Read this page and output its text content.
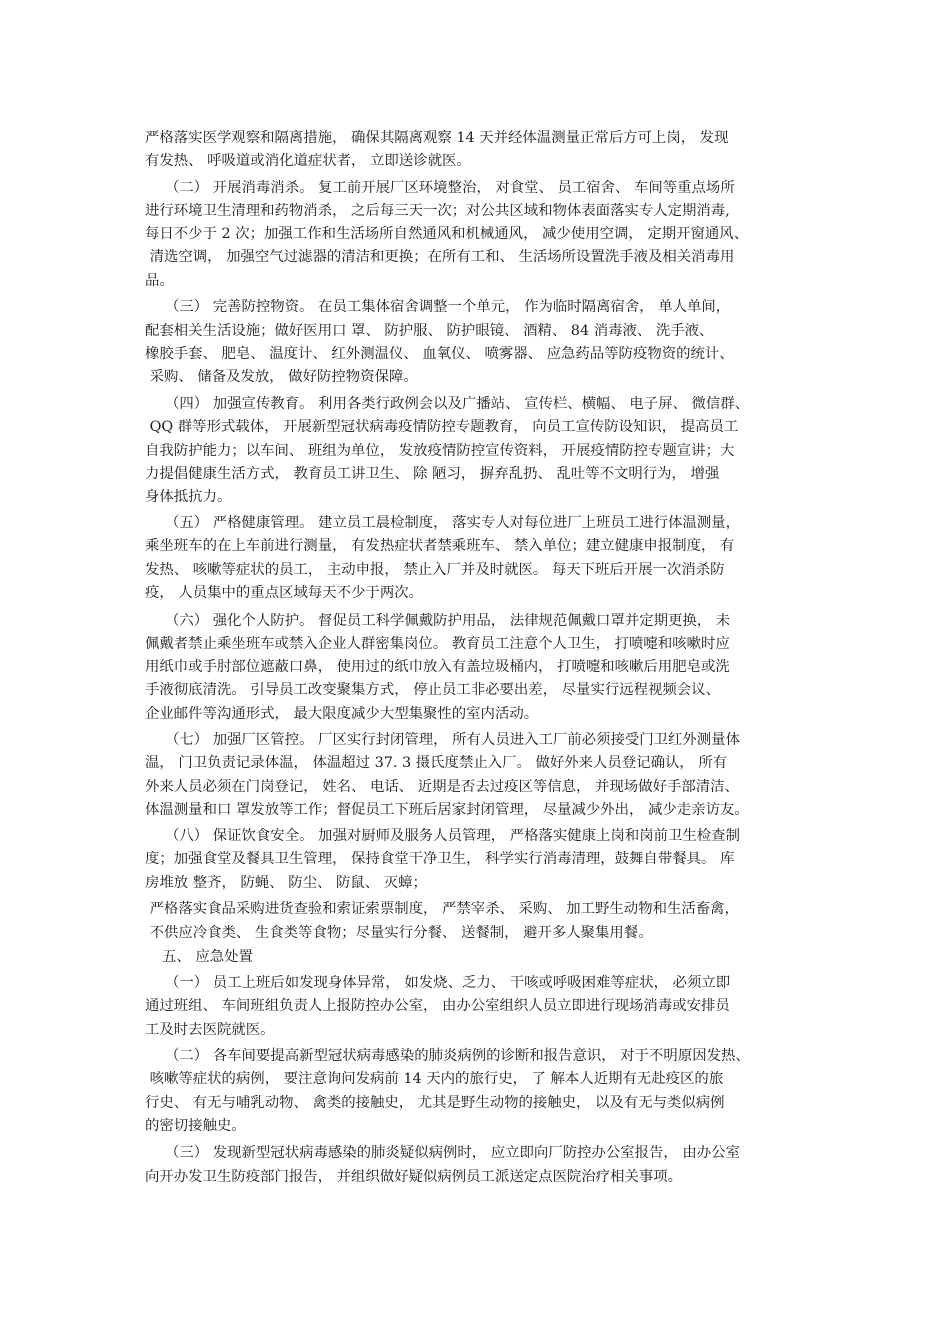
严格落实医学观察和隔离措施， 确保其隔离观察 14 天并经体温测量正常后方可上岗， 发现
有发热、 呼吸道或消化道症状者， 立即送诊就医。
（二） 开展消毒消杀。 复工前开展厂区环境整治， 对食堂、 员工宿舍、 车间等重点场所
进行环境卫生清理和药物消杀， 之后每三天一次；对公共区域和物体表面落实专人定期消毒,
每日不少于 2 次；加强工作和生活场所自然通风和机械通风， 减少使用空调， 定期开窗通风、
清选空调， 加强空气过滤器的清洁和更换；在所有工和、 生活场所设置洗手液及相关消毒用
品。
（三） 完善防控物资。 在员工集体宿舍调整一个单元， 作为临时隔离宿舍， 单人单间，
配套相关生活设施；做好医用口 罩、 防护服、 防护眼镜、 酒精、 84 消毒液、 洗手液、
橡胶手套、 肥皂、 温度计、 红外测温仪、 血氧仪、 喷雾器、 应急药品等防疫物资的统计、
采购、 储备及发放， 做好防控物资保障。
（四） 加强宣传教育。 利用各类行政例会以及广播站、 宣传栏、横幅、 电子屏、 微信群、
QQ 群等形式载体， 开展新型冠状病毒疫情防控专题教育， 向员工宣传防设知识， 提高员工
自我防护能力；以车间、 班组为单位， 发放疫情防控宣传资料， 开展疫情防控专题宣讲；大
力提倡健康生活方式， 教育员工讲卫生、 除 陋习， 摒弃乱扔、 乱吐等不文明行为， 增强
身体抵抗力。
（五） 严格健康管理。 建立员工晨检制度， 落实专人对每位进厂上班员工进行体温测量，
乘坐班车的在上车前进行测量， 有发热症状者禁乘班车、 禁入单位；建立健康申报制度， 有
发热、 咳嗽等症状的员工， 主动申报， 禁止入厂并及时就医。 每天下班后开展一次消杀防
疫， 人员集中的重点区域每天不少于两次。
（六） 强化个人防护。 督促员工科学佩戴防护用品， 法律规范佩戴口罩并定期更换， 未
佩戴者禁止乘坐班车或禁入企业人群密集岗位。 教育员工注意个人卫生， 打喷嚏和咳嗽时应
用纸巾或手肘部位遮蔽口鼻， 使用过的纸巾放入有盖垃圾桶内， 打喷嚏和咳嗽后用肥皂或洗
手液彻底清洗。 引导员工改变聚集方式， 停止员工非必要出差， 尽量实行远程视频会议、
企业邮件等沟通形式， 最大限度减少大型集聚性的室内活动。
（七） 加强厂区管控。 厂区实行封闭管理， 所有人员进入工厂前必须接受门卫红外测量体
温， 门卫负责记录体温， 体温超过 37. 3 摄氏度禁止入厂。 做好外来人员登记确认， 所有
外来人员必须在门岗登记， 姓名、 电话、 近期是否去过疫区等信息， 并现场做好手部清洁、
体温测量和口 罩发放等工作；督促员工下班后居家封闭管理， 尽量减少外出， 减少走亲访友。
（八） 保证饮食安全。 加强对厨师及服务人员管理， 严格落实健康上岗和岗前卫生检查制
度；加强食堂及餐具卫生管理， 保持食堂干净卫生， 科学实行消毒清理，鼓舞自带餐具。 库
房堆放 整齐， 防蝇、 防尘、 防鼠、 灭蟑；
严格落实食品采购进货查验和索证索票制度， 严禁宰杀、 采购、 加工野生动物和生活畜禽，
不供应冷食类、 生食类等食物；尽量实行分餐、 送餐制， 避开多人聚集用餐。
五、 应急处置
（一） 员工上班后如发现身体异常， 如发烧、乏力、 干咳或呼吸困难等症状， 必须立即
通过班组、 车间班组负责人上报防控办公室， 由办公室组织人员立即进行现场消毒或安排员
工及时去医院就医。
（二） 各车间要提高新型冠状病毒感染的肺炎病例的诊断和报告意识， 对于不明原因发热、
咳嗽等症状的病例， 要注意询问发病前 14 天内的旅行史， 了 解本人近期有无赴疫区的旅
行史、 有无与哺乳动物、 禽类的接触史， 尤其是野生动物的接触史， 以及有无与类似病例
的密切接触史。
（三） 发现新型冠状病毒感染的肺炎疑似病例时， 应立即向厂防控办公室报告， 由办公室
向开办发卫生防疫部门报告， 并组织做好疑似病例员工派送定点医院治疗相关事项。
